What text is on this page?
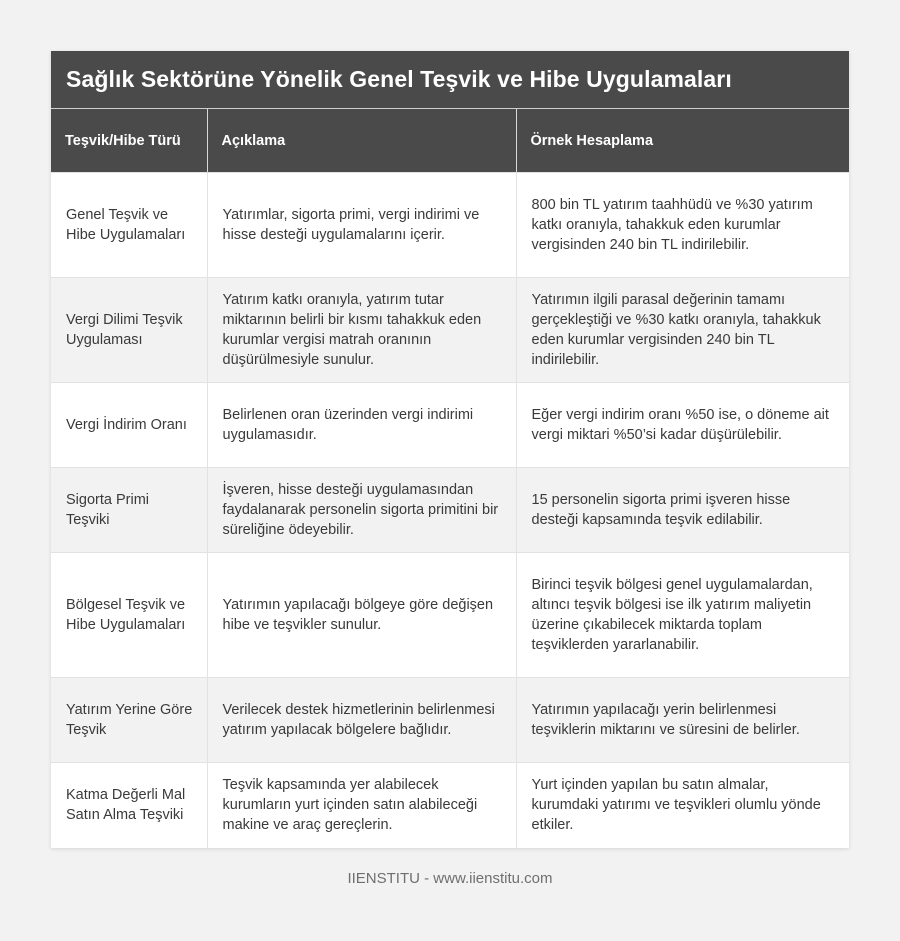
Sağlık Sektörüne Yönelik Genel Teşvik ve Hibe Uygulamaları
Teşvik/Hibe Türü	Açıklama	Örnek Hesaplama
Genel Teşvik ve Hibe Uygulamaları	Yatırımlar, sigorta primi, vergi indirimi ve hisse desteği uygulamalarını içerir.	800 bin TL yatırım taahhüdü ve %30 yatırım katkı oranıyla, tahakkuk eden kurumlar vergisinden 240 bin TL indirilebilir.
Vergi Dilimi Teşvik Uygulaması	Yatırım katkı oranıyla, yatırım tutar miktarının belirli bir kısmı tahakkuk eden kurumlar vergisi matrah oranının düşürülmesiyle sunulur.	Yatırımın ilgili parasal değerinin tamamı gerçekleştiği ve %30 katkı oranıyla, tahakkuk eden kurumlar vergisinden 240 bin TL indirilebilir.
Vergi İndirim Oranı	Belirlenen oran üzerinden vergi indirimi uygulamasıdır.	Eğer vergi indirim oranı %50 ise, o döneme ait vergi miktari %50’si kadar düşürülebilir.
Sigorta Primi Teşviki	İşveren, hisse desteği uygulamasından faydalanarak personelin sigorta primitini bir süreliğine ödeyebilir.	15 personelin sigorta primi işveren hisse desteği kapsamında teşvik edilabilir.
Bölgesel Teşvik ve Hibe Uygulamaları	Yatırımın yapılacağı bölgeye göre değişen hibe ve teşvikler sunulur.	Birinci teşvik bölgesi genel uygulamalardan, altıncı teşvik bölgesi ise ilk yatırım maliyetin üzerine çıkabilecek miktarda toplam teşviklerden yararlanabilir.
Yatırım Yerine Göre Teşvik	Verilecek destek hizmetlerinin belirlenmesi yatırım yapılacak bölgelere bağlıdır.	Yatırımın yapılacağı yerin belirlenmesi teşviklerin miktarını ve süresini de belirler.
Katma Değerli Mal Satın Alma Teşviki	Teşvik kapsamında yer alabilecek kurumların yurt içinden satın alabileceği makine ve araç gereçlerin.	Yurt içinden yapılan bu satın almalar, kurumdaki yatırımı ve teşvikleri olumlu yönde etkiler.
IIENSTITU - www.iienstitu.com
